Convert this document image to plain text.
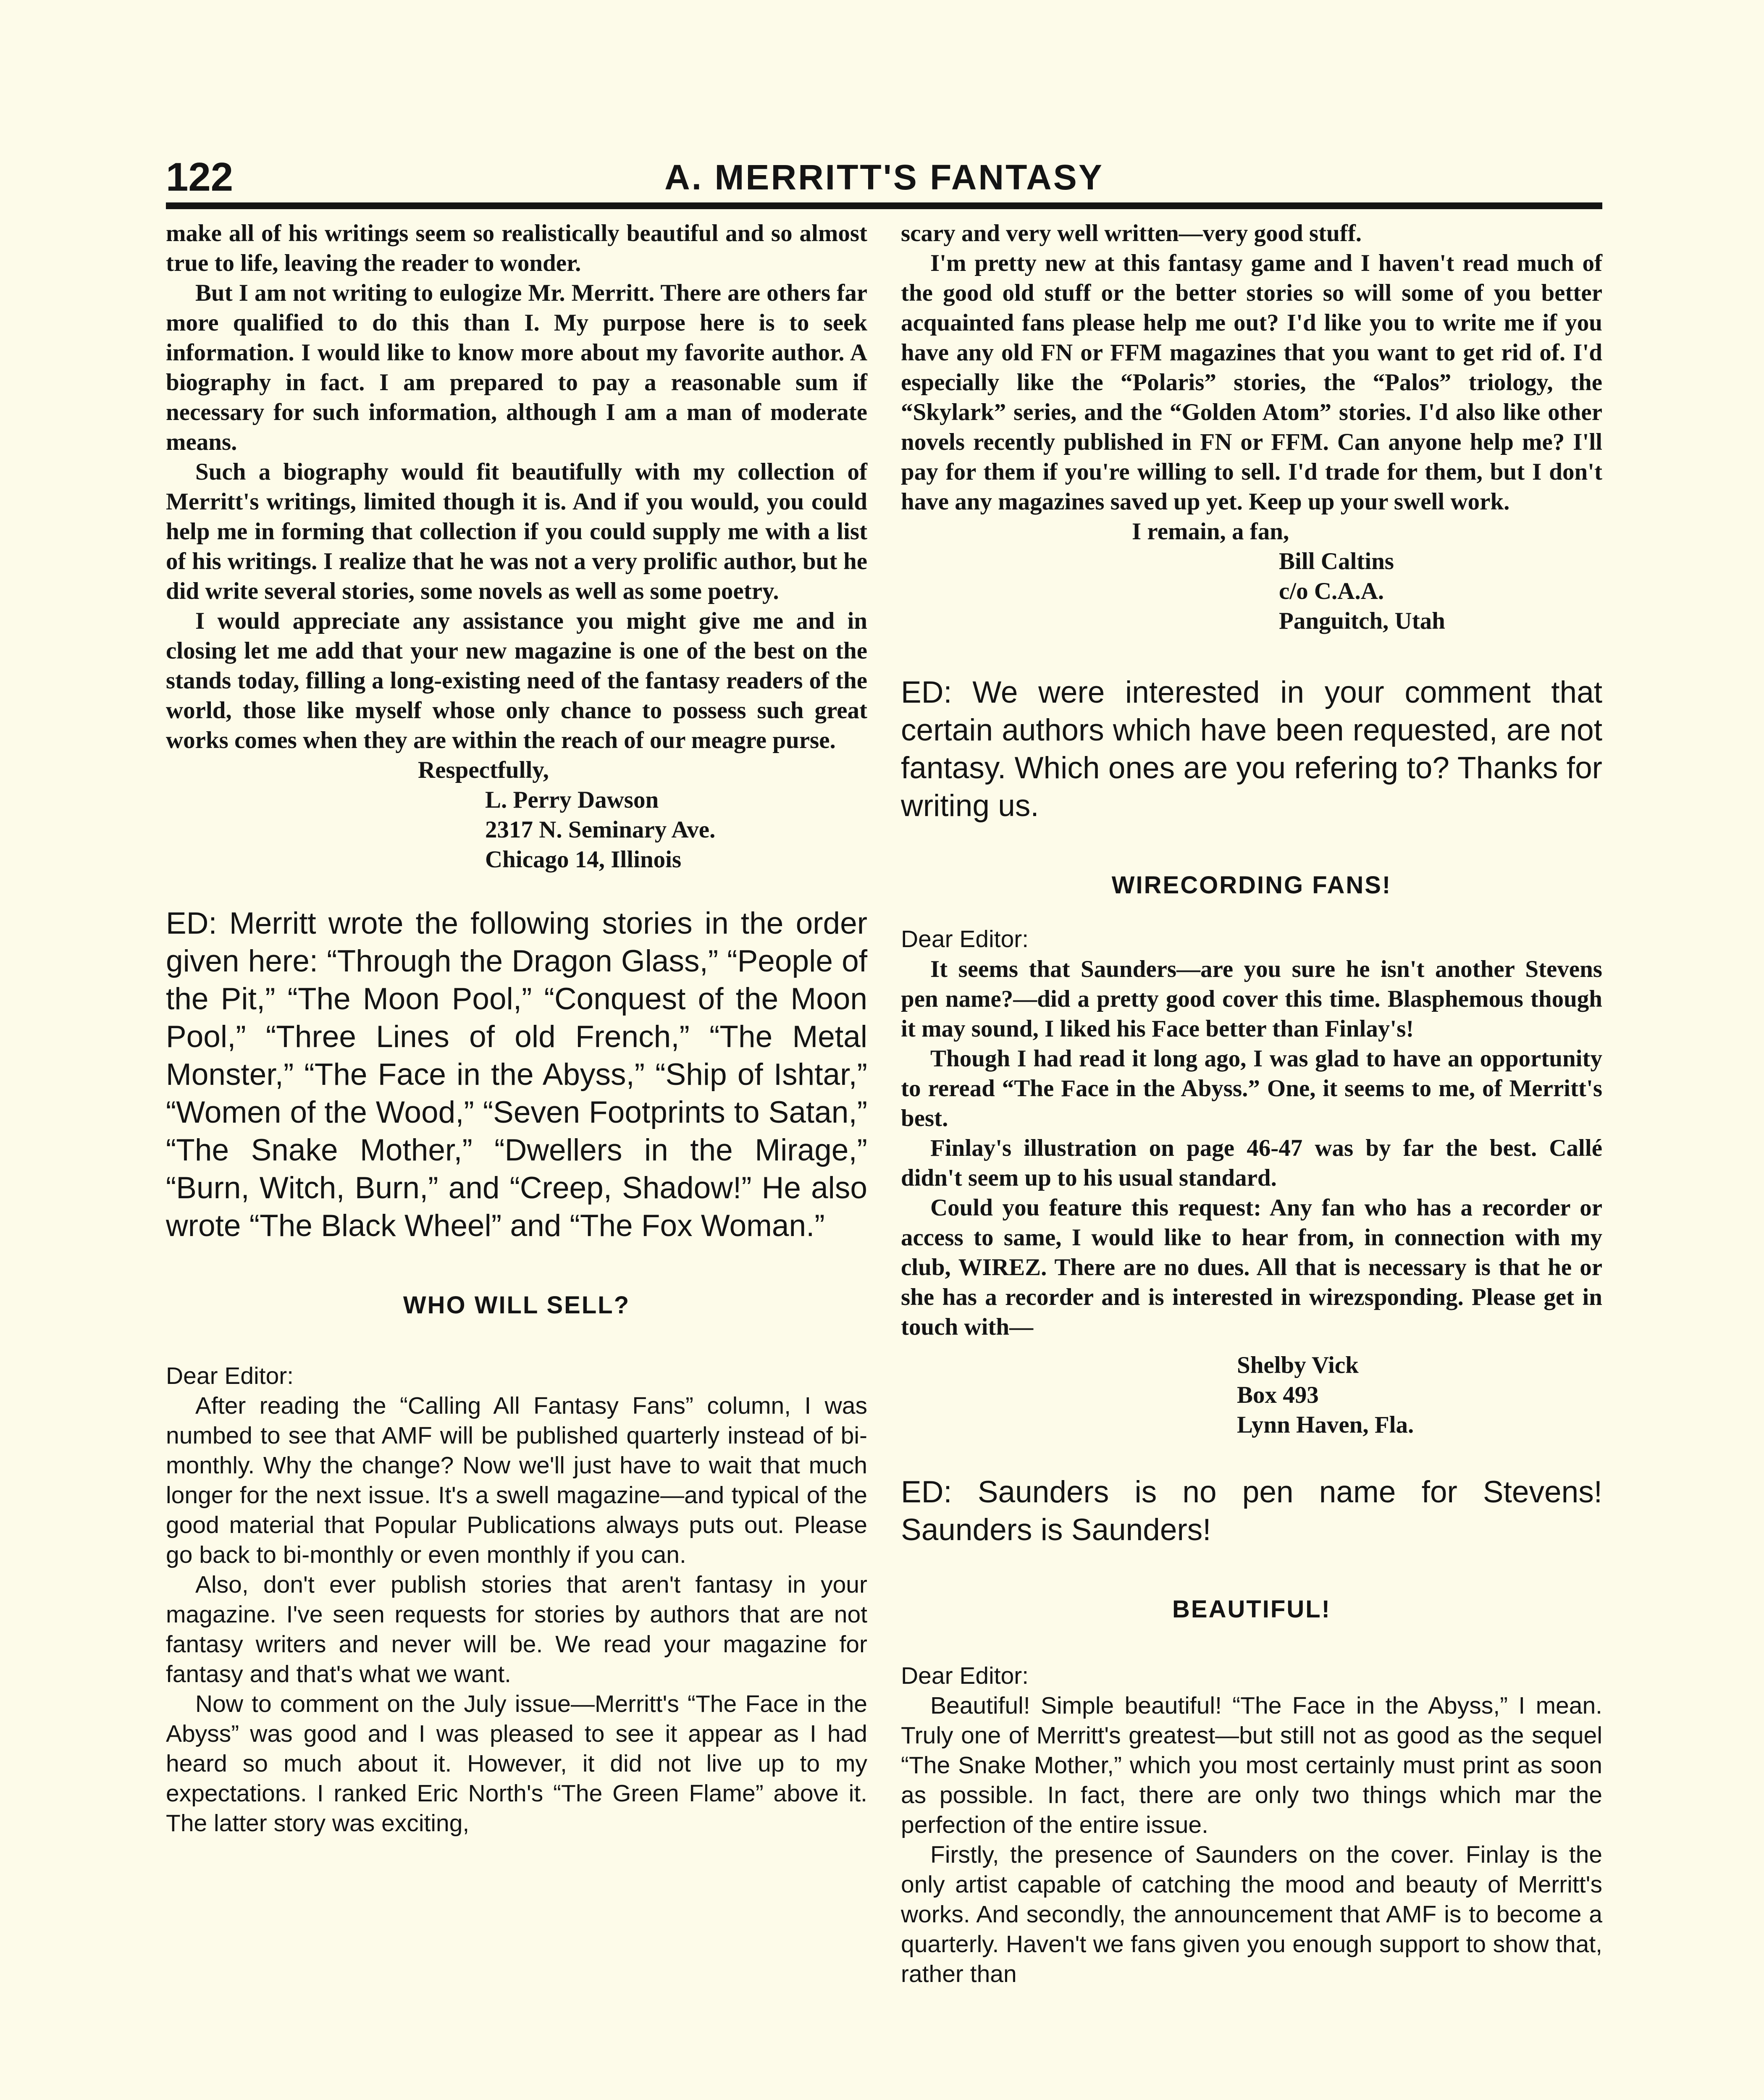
122	A. MERRITT'S FANTASY

make all of his writings seem so realistically beautiful and so almost true to life, leaving the reader to wonder.

But I am not writing to eulogize Mr. Merritt. There are others far more qualified to do this than I. My purpose here is to seek information. I would like to know more about my favorite author. A biography in fact. I am prepared to pay a reasonable sum if necessary for such information, although I am a man of moderate means.

Such a biography would fit beautifully with my collection of Merritt's writings, limited though it is. And if you would, you could help me in forming that collection if you could supply me with a list of his writings. I realize that he was not a very prolific author, but he did write several stories, some novels as well as some poetry.

I would appreciate any assistance you might give me and in closing let me add that your new magazine is one of the best on the stands today, filling a long-existing need of the fantasy readers of the world, those like myself whose only chance to possess such great works comes when they are within the reach of our meagre purse.

Respectfully,

L. Perry Dawson

2317 N. Seminary Ave.

Chicago 14, Illinois

ED: Merritt wrote the following stories in the order given here: “Through the Dragon Glass,” “People of the Pit,” “The Moon Pool,” “Conquest of the Moon Pool,” “Three Lines of old French,” “The Metal Monster,” “The Face in the Abyss,” “Ship of Ishtar,” “Women of the Wood,” “Seven Footprints to Satan,” “The Snake Mother,” “Dwellers in the Mirage,” “Burn, Witch, Burn,” and “Creep, Shadow!” He also wrote “The Black Wheel” and “The Fox Woman.”

WHO WILL SELL?

Dear Editor:

After reading the “Calling All Fantasy Fans” column, I was numbed to see that AMF will be published quarterly instead of bi-monthly. Why the change? Now we'll just have to wait that much longer for the next issue. It's a swell magazine—and typical of the good material that Popular Publications always puts out. Please go back to bi-monthly or even monthly if you can.

Also, don't ever publish stories that aren't fantasy in your magazine. I've seen requests for stories by authors that are not fantasy writers and never will be. We read your magazine for fantasy and that's what we want.

Now to comment on the July issue—Merritt's “The Face in the Abyss” was good and I was pleased to see it appear as I had heard so much about it. However, it did not live up to my expectations. I ranked Eric North's “The Green Flame” above it. The latter story was exciting,

scary and very well written—very good stuff.

I'm pretty new at this fantasy game and I haven't read much of the good old stuff or the better stories so will some of you better acquainted fans please help me out? I'd like you to write me if you have any old FN or FFM magazines that you want to get rid of. I'd especially like the “Polaris” stories, the “Palos” triology, the “Skylark” series, and the “Golden Atom” stories. I'd also like other novels recently published in FN or FFM. Can anyone help me? I'll pay for them if you're willing to sell. I'd trade for them, but I don't have any magazines saved up yet. Keep up your swell work.

I remain, a fan,

Bill Caltins

c/o C.A.A.

Panguitch, Utah

ED: We were interested in your comment that certain authors which have been requested, are not fantasy. Which ones are you refering to? Thanks for writing us.

WIRECORDING FANS!

Dear Editor:

It seems that Saunders—are you sure he isn't another Stevens pen name?—did a pretty good cover this time. Blasphemous though it may sound, I liked his Face better than Finlay's!

Though I had read it long ago, I was glad to have an opportunity to reread “The Face in the Abyss.” One, it seems to me, of Merritt's best.

Finlay's illustration on page 46-47 was by far the best. Callé didn't seem up to his usual standard.

Could you feature this request: Any fan who has a recorder or access to same, I would like to hear from, in connection with my club, WIREZ. There are no dues. All that is necessary is that he or she has a recorder and is interested in wirezsponding. Please get in touch with—

Shelby Vick

Box 493

Lynn Haven, Fla.

ED: Saunders is no pen name for Stevens! Saunders is Saunders!

BEAUTIFUL!

Dear Editor:

Beautiful! Simple beautiful! “The Face in the Abyss,” I mean. Truly one of Merritt's greatest—but still not as good as the sequel “The Snake Mother,” which you most certainly must print as soon as possible. In fact, there are only two things which mar the perfection of the entire issue.

Firstly, the presence of Saunders on the cover. Finlay is the only artist capable of catching the mood and beauty of Merritt's works. And secondly, the announcement that AMF is to become a quarterly. Haven't we fans given you enough support to show that, rather than
